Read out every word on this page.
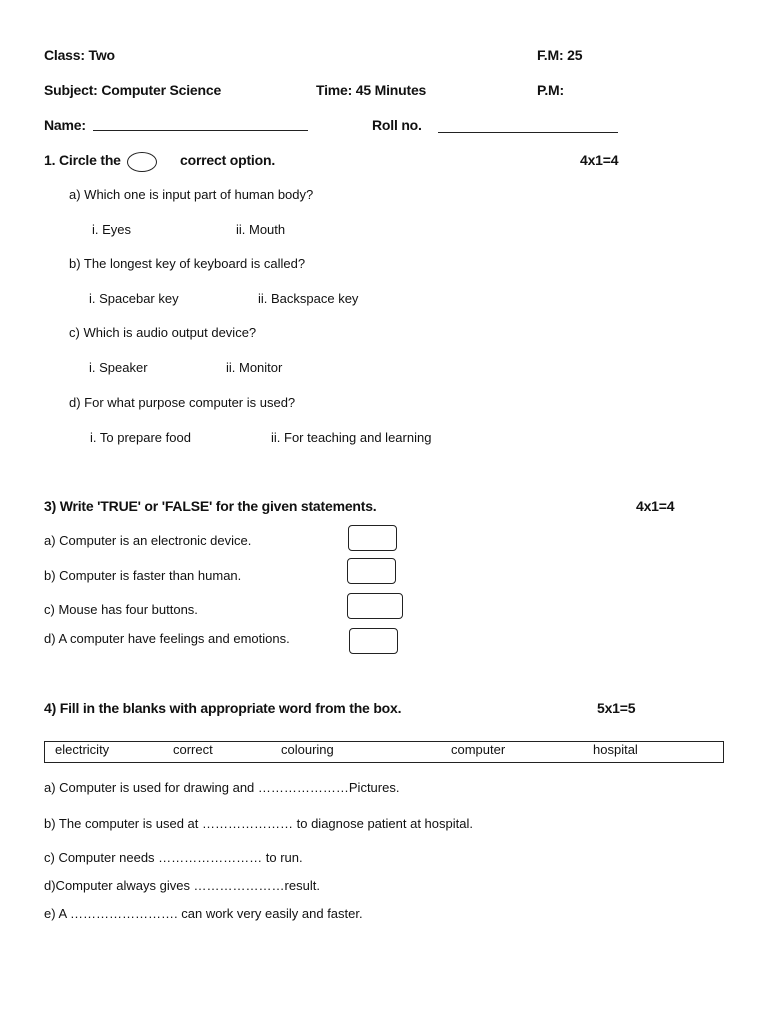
Class: Two	F.M: 25
Subject: Computer Science	Time: 45 Minutes	P.M:
Name:	Roll no.
1. Circle the	correct option.	4x1=4
a) Which one is input part of human body?
i. Eyes	ii. Mouth
b) The longest key of keyboard is called?
i. Spacebar key	ii. Backspace key
c) Which is audio output device?
i. Speaker	ii. Monitor
d) For what purpose computer is used?
i. To prepare food	ii. For teaching and learning
3) Write 'TRUE' or 'FALSE' for the given statements.	4x1=4
a) Computer is an electronic device.
b) Computer is faster than human.
c) Mouse has four buttons.
d) A computer have feelings and emotions.
4) Fill in the blanks with appropriate word from the box.	5x1=5
electricity	correct	colouring	computer	hospital
a) Computer is used for drawing and …………………Pictures.
b) The computer is used at ………………… to diagnose patient at hospital.
c) Computer needs …………………… to run.
d)Computer always gives …………………result.
e) A ……………………. can work very easily and faster.
